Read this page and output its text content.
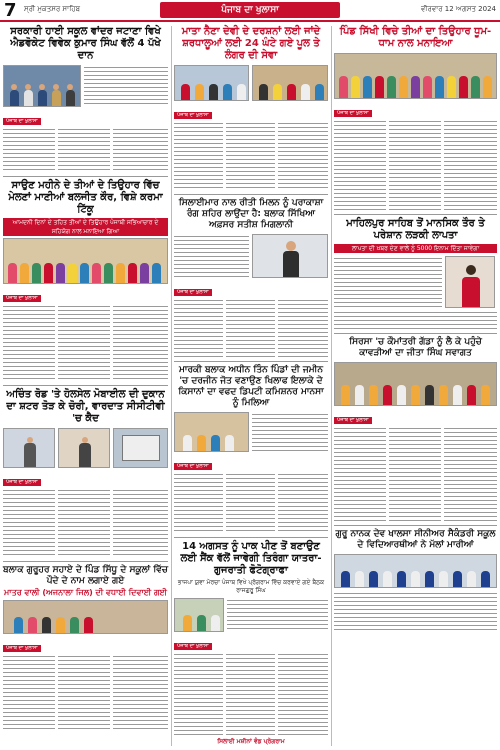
7 ਸ੍ਰੀ ਮੁਕਤਸਰ ਸਾਹਿਬ	ਪੰਜਾਬ ਦਾ ਖੁਲਾਸਾ	ਵੀਰਵਾਰ 12 ਅਗਸਤ 2024
ਸਰਕਾਰੀ ਹਾਈ ਸਕੂਲ ਵਾਂਦਰ ਜਟਾਣਾ ਵਿਖੇ ਐਡਵੋਕੇਟ ਵਿਵੇਕ ਕੁਮਾਰ ਸਿੰਘ ਵੱਲੋਂ 4 ਪੱਖੇ ਦਾਨ
ਪੰਜਾਬ ਦਾ ਖੁਲਾਸਾ
ਸਾਉਣ ਮਹੀਨੇ ਦੇ ਤੀਆਂ ਦੇ ਤਿਉਹਾਰ ਵਿੱਚ ਮੇਲਣਾਂ ਮਾਣੀਆਂ ਬਲਜੀਤ ਕੌਰ, ਵਿਸ਼ੇ ਕਰਮਾ ਟਿੱਕੂ
ਆਮਦਨੀ ਦਿਨਾਂ ਦੇ ਤਹਿਤ ਤੀਆਂ ਦੇ ਤਿਉਹਾਰ ਪੰਜਾਬੀ ਸਭਿਆਚਾਰ ਦੇ ਸਹਿਯੋਗ ਨਾਲ ਮਨਾਇਆ ਗਿਆ
ਪੰਜਾਬ ਦਾ ਖੁਲਾਸਾ
ਅਚਿੰਤ ਰੋਡ 'ਤੇ ਹੋਲਸੇਲ ਮੋਬਾਈਲ ਦੀ ਦੁਕਾਨ ਦਾ ਸ਼ਟਰ ਤੋੜ ਕੇ ਚੋਰੀ, ਵਾਰਦਾਤ ਸੀਸੀਟੀਵੀ 'ਚ ਕੈਦ
ਪੰਜਾਬ ਦਾ ਖੁਲਾਸਾ
ਬਲਾਕ ਗੁਰੂਹਰ ਸਹਾਏ ਦੇ ਪਿੰਡ ਸਿੱਧੂ ਦੇ ਸਕੂਲਾਂ ਵਿੱਚ ਪੌਦੇ ਦੇ ਨਾਮ ਲਗਾਏ ਗਏ
ਮਾਤਰ ਵਾਲੀ (ਅਜਨਾਲਾ ਜਿਲ) ਦੀ ਵਧਾਈ ਦਿਵਾਈ ਗਈ
ਪੰਜਾਬ ਦਾ ਖੁਲਾਸਾ
ਮਾਤਾ ਨੈਣਾ ਦੇਵੀ ਦੇ ਦਰਸ਼ਨਾਂ ਲਈ ਜਾਂਦੇ ਸ਼ਰਧਾਲੂਆਂ ਲਈ 24 ਘੰਟੇ ਗਏ ਪੂਲ ਤੇ ਲੰਗਰ ਦੀ ਸੇਵਾ
ਪੰਜਾਬ ਦਾ ਖੁਲਾਸਾ
ਸਿਲਾਈਮਾਰ ਨਾਲ ਰੀਤੀ ਮਿਲਨ ਨੂੰ ਪਰਾਕਾਸ਼ਾ ਰੰਗ ਸ਼ਹਿਰ ਲਾਉਂਦਾ ਹੈ: ਬਲਾਕ ਸਿੱਖਿਆ ਅਫ਼ਸਰ ਸਤੀਸ਼ ਮਿਗਲਾਨੀ
ਪੰਜਾਬ ਦਾ ਖੁਲਾਸਾ
ਮਾਰਕੀ ਬਲਾਕ ਅਧੀਨ ਤਿੰਨ ਪਿੰਡਾਂ ਦੀ ਜਮੀਨ 'ਚ ਦਰਜੀਨ ਜੋਤ ਵਣਾਉਣ ਖਿਲਾਫ ਇਲਾਕੇ ਦੇ ਕਿਸਾਨਾਂ ਦਾ ਵਫਦ ਡਿਪਟੀ ਕਮਿਸ਼ਨਰ ਮਾਨਸਾ ਨੂੰ ਮਿਲਿਆ
ਪੰਜਾਬ ਦਾ ਖੁਲਾਸਾ
14 ਅਗਸਤ ਨੂੰ ਪਾਕ ਪੀਣ ਤੋਂ ਬਣਾਉਣ ਲਈ ਸੈਂਕ ਵੱਲੋਂ ਜਾਵੇਗੀ ਤਿਰੰਗਾ ਯਾਤਰਾ-ਗੁਜਰਾਤੀ ਫੋਟੋਗ੍ਰਾਫਾ
ਭਾਜਪਾ ਯੁਵਾ ਮੋਰਚਾ ਪੰਜਾਬ ਵਿਖੇ ਪ੍ਰੋਗਰਾਮ ਵਿੱਚ ਕਰਵਾਏ ਗਏ ਬੈਠਕ ਰਾਜਗੁਰੂ ਸਿੰਘ
ਪੰਜਾਬ ਦਾ ਖੁਲਾਸਾ
ਸਿਲਾਈ ਮਸ਼ੀਨਾਂ ਵੰਡ ਪ੍ਰੋਗਰਾਮ
ਪਿੰਡ ਸਿੱਖੀ ਵਿਚੇ ਤੀਆਂ ਦਾ ਤਿਉਹਾਰ ਧੂਮ-ਧਾਮ ਨਾਲ ਮਨਾਇਆ
ਪੰਜਾਬ ਦਾ ਖੁਲਾਸਾ
ਮਾਹਿਲਪੁਰ ਸਾਹਿਬ ਤੋਂ ਮਾਨਸਿਕ ਤੌਰ ਤੇ ਪਰੇਸ਼ਾਨ ਲੜਕੀ ਲਾਪਤਾ
ਲਾਪਤਾ ਦੀ ਖ਼ਬਰ ਦੇਣ ਵਾਲੇ ਨੂੰ 5000 ਇਨਾਮ ਦਿੱਤਾ ਜਾਵੇਗਾ
ਸਿਰਸਾ 'ਚ ਕੌਮਾਂਤਰੀ ਗੱਡਾ ਨੂੰ ਲੈ ਕੇ ਪਹੁੰਚੇ ਕਾਵੜੀਆਂ ਦਾ ਜੀਤਾ ਸਿੰਘ ਸਵਾਗਤ
ਪੰਜਾਬ ਦਾ ਖੁਲਾਸਾ
ਗੁਰੂ ਨਾਨਕ ਦੇਵ ਖਾਲਸਾ ਸੀਨੀਅਰ ਸੈਕੰਡਰੀ ਸਕੂਲ ਦੇ ਵਿਦਿਆਰਥੀਆਂ ਨੇ ਮੱਲਾਂ ਮਾਰੀਆਂ
